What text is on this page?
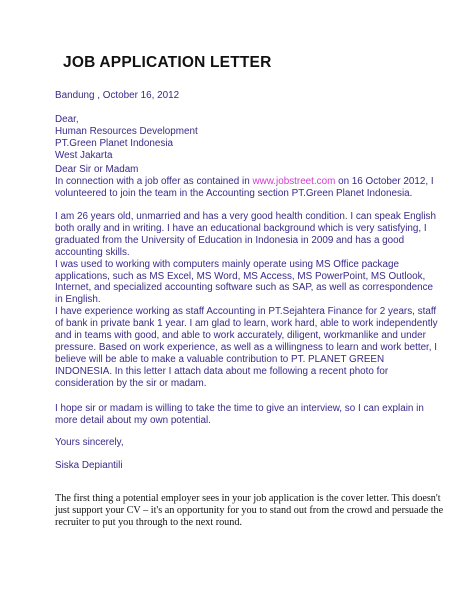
JOB APPLICATION LETTER
Bandung , October 16, 2012
Dear,
Human Resources Development
PT.Green Planet Indonesia
West Jakarta
Dear Sir or Madam
In connection with a job offer as contained in www.jobstreet.com on 16 October 2012, I
volunteered to join the team in the Accounting section PT.Green Planet Indonesia.
I am 26 years old, unmarried and has a very good health condition. I can speak English
both orally and in writing. I have an educational background which is very satisfying, I
graduated from the University of Education in Indonesia in 2009 and has a good
accounting skills.
I was used to working with computers mainly operate using MS Office package
applications, such as MS Excel, MS Word, MS Access, MS PowerPoint, MS Outlook,
Internet, and specialized accounting software such as SAP, as well as correspondence
in English.
I have experience working as staff Accounting in PT.Sejahtera Finance for 2 years, staff
of bank in private bank 1 year. I am glad to learn, work hard, able to work independently
and in teams with good, and able to work accurately, diligent, workmanlike and under
pressure. Based on work experience, as well as a willingness to learn and work better, I
believe will be able to make a valuable contribution to PT. PLANET GREEN
INDONESIA. In this letter I attach data about me following a recent photo for
consideration by the sir or madam.
I hope sir or madam is willing to take the time to give an interview, so I can explain in
more detail about my own potential.
Yours sincerely,
Siska Depiantili
The first thing a potential employer sees in your job application is the cover letter. This doesn't
just support your CV – it's an opportunity for you to stand out from the crowd and persuade the
recruiter to put you through to the next round.
